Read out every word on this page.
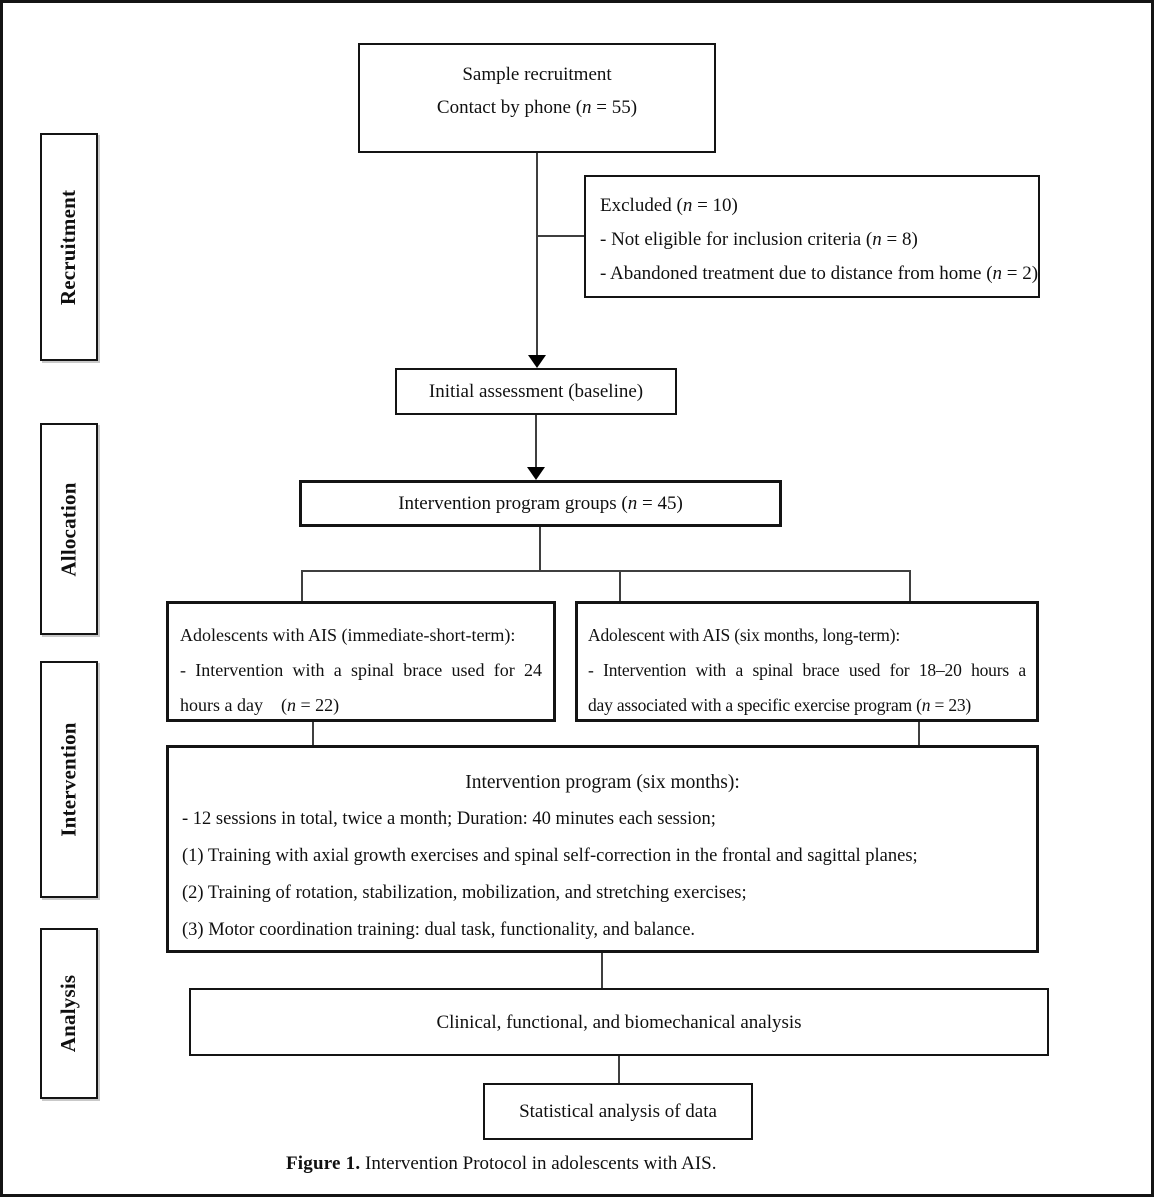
Recruitment
Allocation
Intervention
Analysis
Sample recruitment
Contact by phone (n = 55)
Excluded (n = 10)
- Not eligible for inclusion criteria (n = 8)
- Abandoned treatment due to distance from home (n = 2)
Initial assessment (baseline)
Intervention program groups (n = 45)
Adolescents with AIS (immediate-short-term):
- Intervention with a spinal brace used for 24
hours a day    (n = 22)
Adolescent with AIS (six months, long-term):
- Intervention with a spinal brace used for 18–20 hours a
day associated with a specific exercise program (n = 23)
Intervention program (six months):
- 12 sessions in total, twice a month; Duration: 40 minutes each session;
(1) Training with axial growth exercises and spinal self-correction in the frontal and sagittal planes;
(2) Training of rotation, stabilization, mobilization, and stretching exercises;
(3) Motor coordination training: dual task, functionality, and balance.
Clinical, functional, and biomechanical analysis
Statistical analysis of data
Figure 1. Intervention Protocol in adolescents with AIS.
